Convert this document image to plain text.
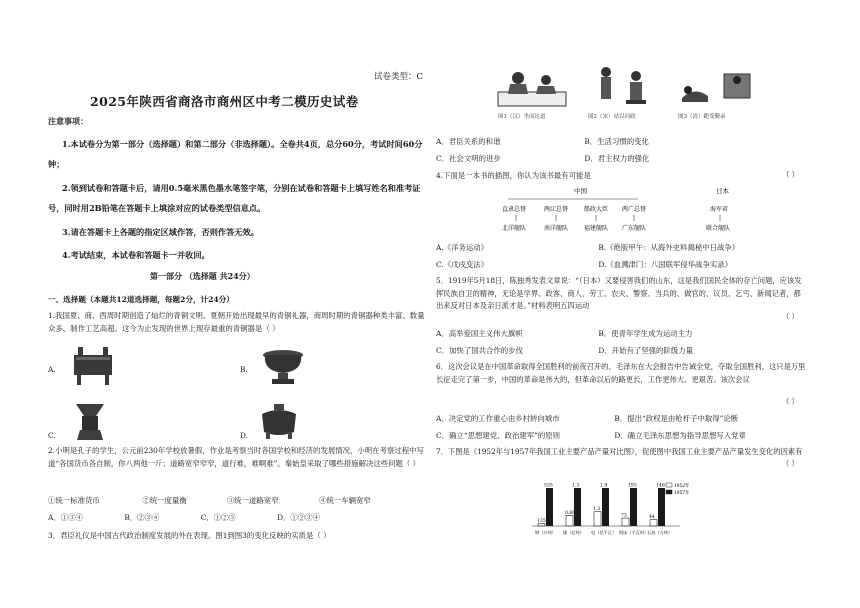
试卷类型：C
2025年陕西省商洛市商州区中考二模历史试卷
注意事项：
1.本试卷分为第一部分（选择题）和第二部分（非选择题）。全卷共4页，总分60分，考试时间60分钟；
2.领到试卷和答题卡后，请用0.5毫米黑色墨水笔签字笔，分别在试卷和答题卡上填写姓名和准考证号，同时用2B铅笔在答题卡上填涂对应的试卷类型信息点。
3.请在答题卡上各题的指定区域作答，否则作答无效。
4.考试结束，本试卷和答题卡一并收回。
第一部分 （选择题 共24分）
一、选择题（本题共12道选择题，每题2分，计24分）
1.我国夏、商、西周时期创造了灿烂的青铜文明。夏朝开始出现最早的青铜礼器，商周时期的青铜器种类丰富、数量众多、制作工艺高超。这今为止发现的世界上现存最重的青铜器是（ ）
A.	B.
C.	D.
2.小明是孔子的学生，公元前230年学校放暑假，作业是考察当时各国学校和经济的发展情况，小明在考察过程中写道“各国货币各自制，你八两他一斤；道路宽窄窄窄，道行难，难啊难”。秦始皇采取了哪些措施解决这些问题（ ）
①统一标准货币	②统一度量衡	③统一道路宽窄	④统一车辆宽窄
A．①③④	B．②③④	C．①②③	D．①②③④
3．君臣礼仪是中国古代政治制度发展的外在表现。图1到图3的变化反映的实质是（ ）
图1（汉）坐而论道	图2（宋）站以问政	图3（清）跪受觐录
A．君臣关系的和谐	B．生活习惯的变化
C．社会文明的进步	D．君主权力的强化
4.下面是一本书的插图，你认为该书最有可能是	（ ）
中国	日本
直隶总督	两江总督	船政大臣 两广总督
北洋舰队	南洋舰队	福建舰队 广东舰队
海军省
联合舰队
A.《洋务运动》	B.《绝版甲午：从海外史料揭秘中日战争》
C.《戊戌变法》	D.《血溅津门：八国联军侵华战争实录》
5．1919年5月18日，陈独秀发表文章说：“（日本）又要侵害我们的山东，这是我们国民全体的存亡问题，应该发挥民族自卫的精神，无论是学界、政客、商人、劳工、农夫、警察、当兵的、做官的、议员、乞丐、新闻记者，都出来反对日本及亲日派才是。”材料表明五四运动
（ ）
A．高举爱国主义伟大旗帜	B．使青年学生成为运动主力
C．加快了国共合作的步伐	D．开始有了坚强的阶级力量
6．这次会议是在中国革命取得全国胜利的前夜召开的。毛泽东在大会报告中告诫全党，夺取全国胜利，这只是万里长征走完了第一步，中国的革命是伟大的，但革命以后的路更长，工作更伟大、更艰苦。该次会议
（ ）
A．决定党的工作重心由乡村转向城市	B．提出“政权是由枪杆子中取得”论断
C．确立“思想建党、政治建军”的原则	D．确立毛泽东思想为指导思想写入党章
7．下图是《1952年与1957年我国工业主要产品产量对比图》，促使图中我国工业主要产品产量发生变化的因素有
（ ）
135
535
钢（万吨）
0.66
1.3
煤（亿吨）
1.3
1.9
电（亿千瓦）
73
193
机床（千瓦时）
44
146
石油（万吨）
1952年
1957年
